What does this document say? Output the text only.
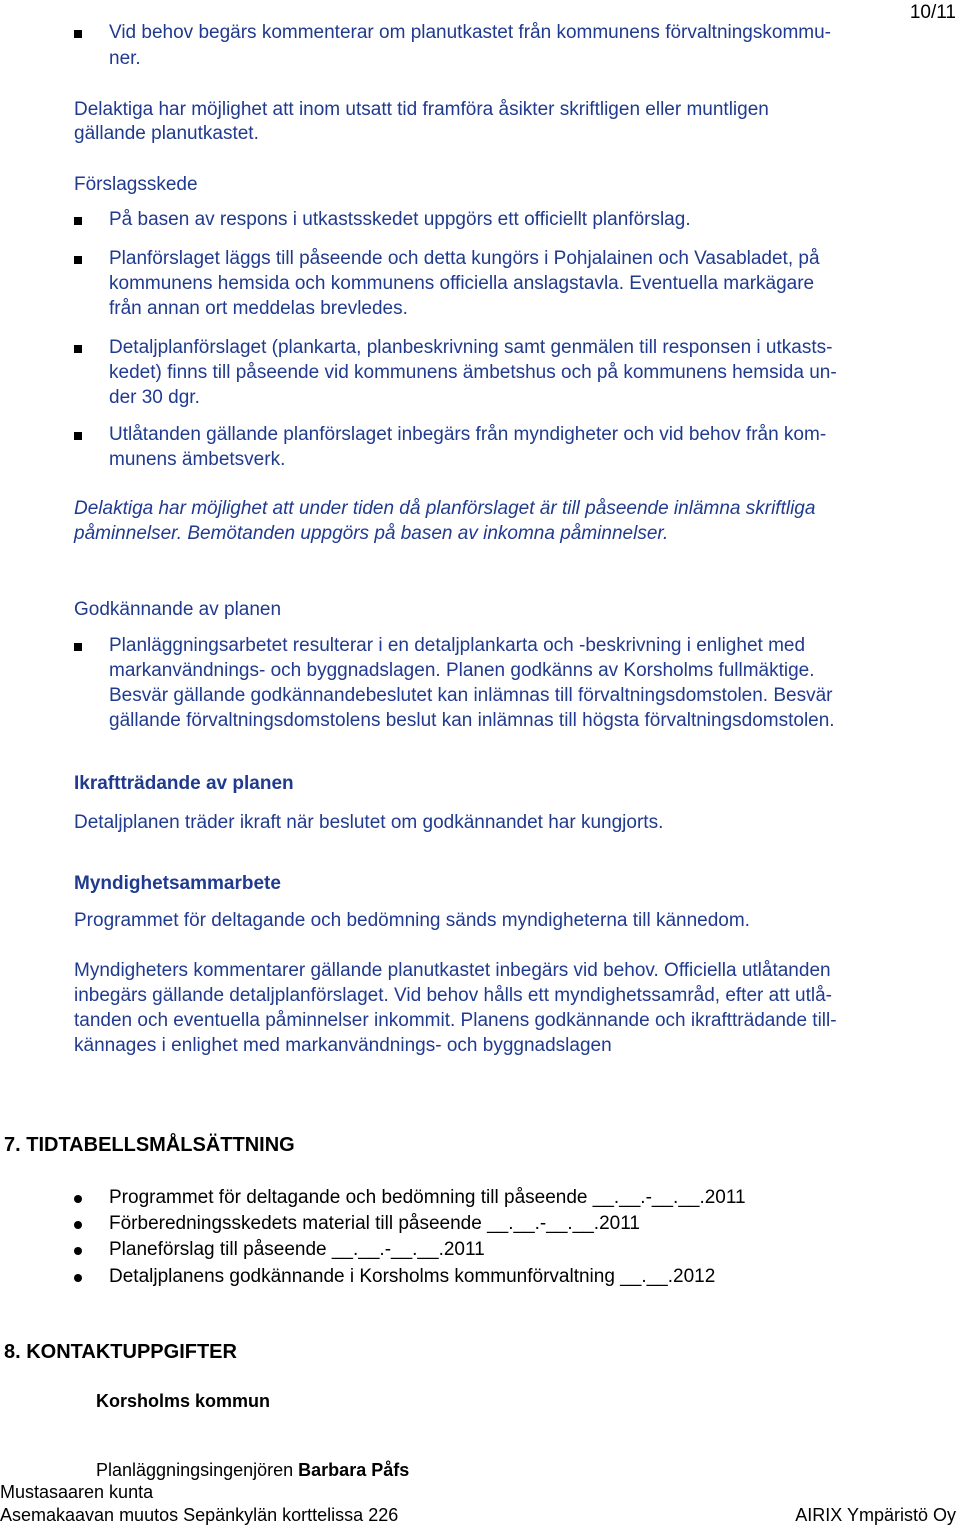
10/11
Vid behov begärs kommenterar om planutkastet från kommunens förvaltningskommu-
ner.
Delaktiga har möjlighet att inom utsatt tid framföra åsikter skriftligen eller muntligen
gällande planutkastet.
Förslagsskede
På basen av respons i utkastsskedet uppgörs ett officiellt planförslag.
Planförslaget läggs till påseende och detta kungörs i Pohjalainen och Vasabladet, på
kommunens hemsida och kommunens officiella anslagstavla. Eventuella markägare
från annan ort meddelas brevledes.
Detaljplanförslaget (plankarta, planbeskrivning samt genmälen till responsen i utkasts-
kedet) finns till påseende vid kommunens ämbetshus och på kommunens hemsida un-
der 30 dgr.
Utlåtanden gällande planförslaget inbegärs från myndigheter och vid behov från kom-
munens ämbetsverk.
Delaktiga har möjlighet att under tiden då planförslaget är till påseende inlämna skriftliga
påminnelser. Bemötanden uppgörs på basen av inkomna påminnelser.
Godkännande av planen
Planläggningsarbetet resulterar i en detaljplankarta och -beskrivning i enlighet med
markanvändnings- och byggnadslagen. Planen godkänns av Korsholms fullmäktige.
Besvär gällande godkännandebeslutet kan inlämnas till förvaltningsdomstolen. Besvär
gällande förvaltningsdomstolens beslut kan inlämnas till högsta förvaltningsdomstolen.
Ikraftträdande av planen
Detaljplanen träder ikraft när beslutet om godkännandet har kungjorts.
Myndighetsammarbete
Programmet för deltagande och bedömning sänds myndigheterna till kännedom.
Myndigheters kommentarer gällande planutkastet inbegärs vid behov. Officiella utlåtanden
inbegärs gällande detaljplanförslaget. Vid behov hålls ett myndighetssamråd, efter att utlå-
tanden och eventuella påminnelser inkommit. Planens godkännande och ikraftträdande till-
kännages i enlighet med markanvändnings- och byggnadslagen
7. TIDTABELLSMÅLSÄTTNING
Programmet för deltagande och bedömning till påseende __.__.-__.__.2011
Förberedningsskedets material till påseende __.__.-__.__.2011
Planeförslag till påseende __.__.-__.__.2011
Detaljplanens godkännande i Korsholms kommunförvaltning __.__.2012
8. KONTAKTUPPGIFTER
Korsholms kommun
Planläggningsingenjören Barbara Påfs
Mustasaaren kunta
Asemakaavan muutos Sepänkylän korttelissa 226	AIRIX Ympäristö Oy
